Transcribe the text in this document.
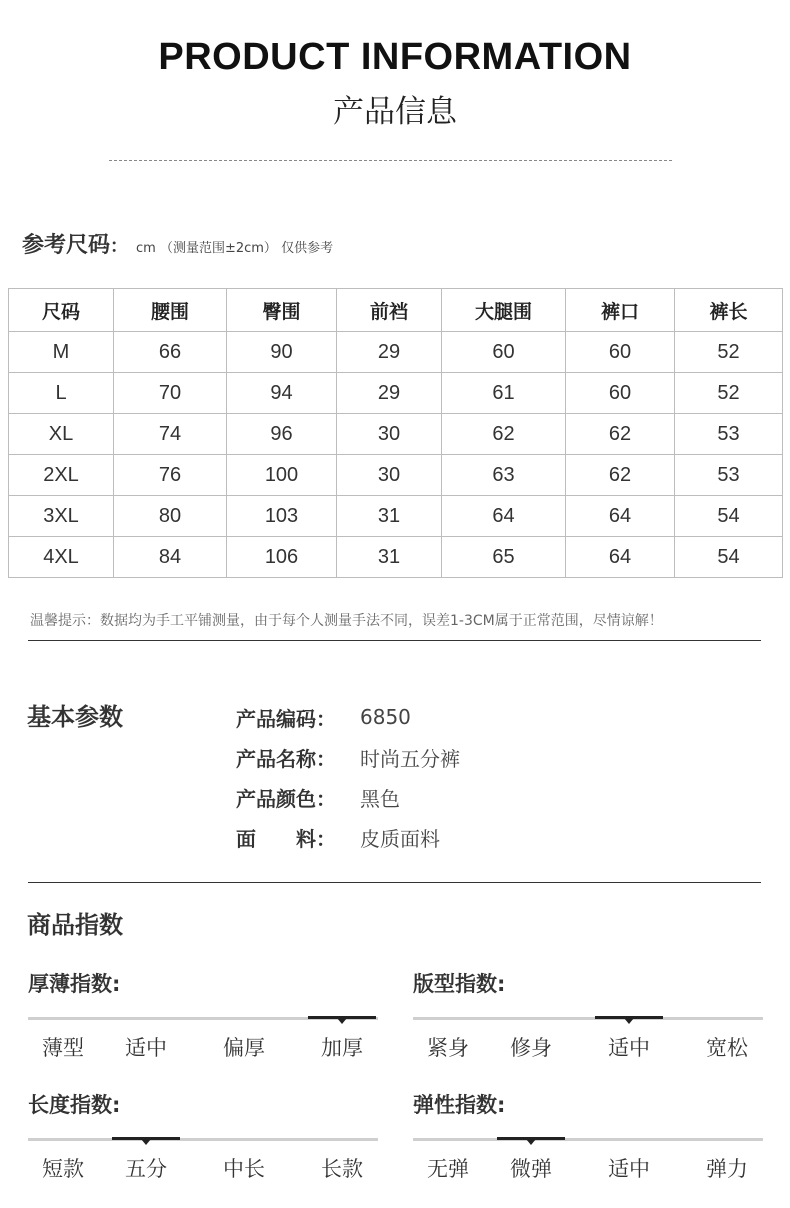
PRODUCT INFORMATION
产品信息
参考尺码 ： cm （测量范围±2cm） 仅供参考
尺码	腰围	臀围	前裆	大腿围	裤口	裤长
M	66	90	29	60	60	52
L	70	94	29	61	60	52
XL	74	96	30	62	62	53
2XL	76	100	30	63	62	53
3XL	80	103	31	64	64	54
4XL	84	106	31	65	64	54
温馨提示：数据均为手工平铺测量，由于每个人测量手法不同，误差1-3CM属于正常范围，尽情谅解！
基本参数	产品编码：	6850
产品名称：	时尚五分裤
产品颜色：	黑色
面　　料：	皮质面料
商品指数
厚薄指数:
薄型 适中	偏厚	加厚
版型指数:
紧身 修身	适中	宽松
长度指数:
短款 五分	中长	长款
弹性指数:
无弹 微弹	适中	弹力
